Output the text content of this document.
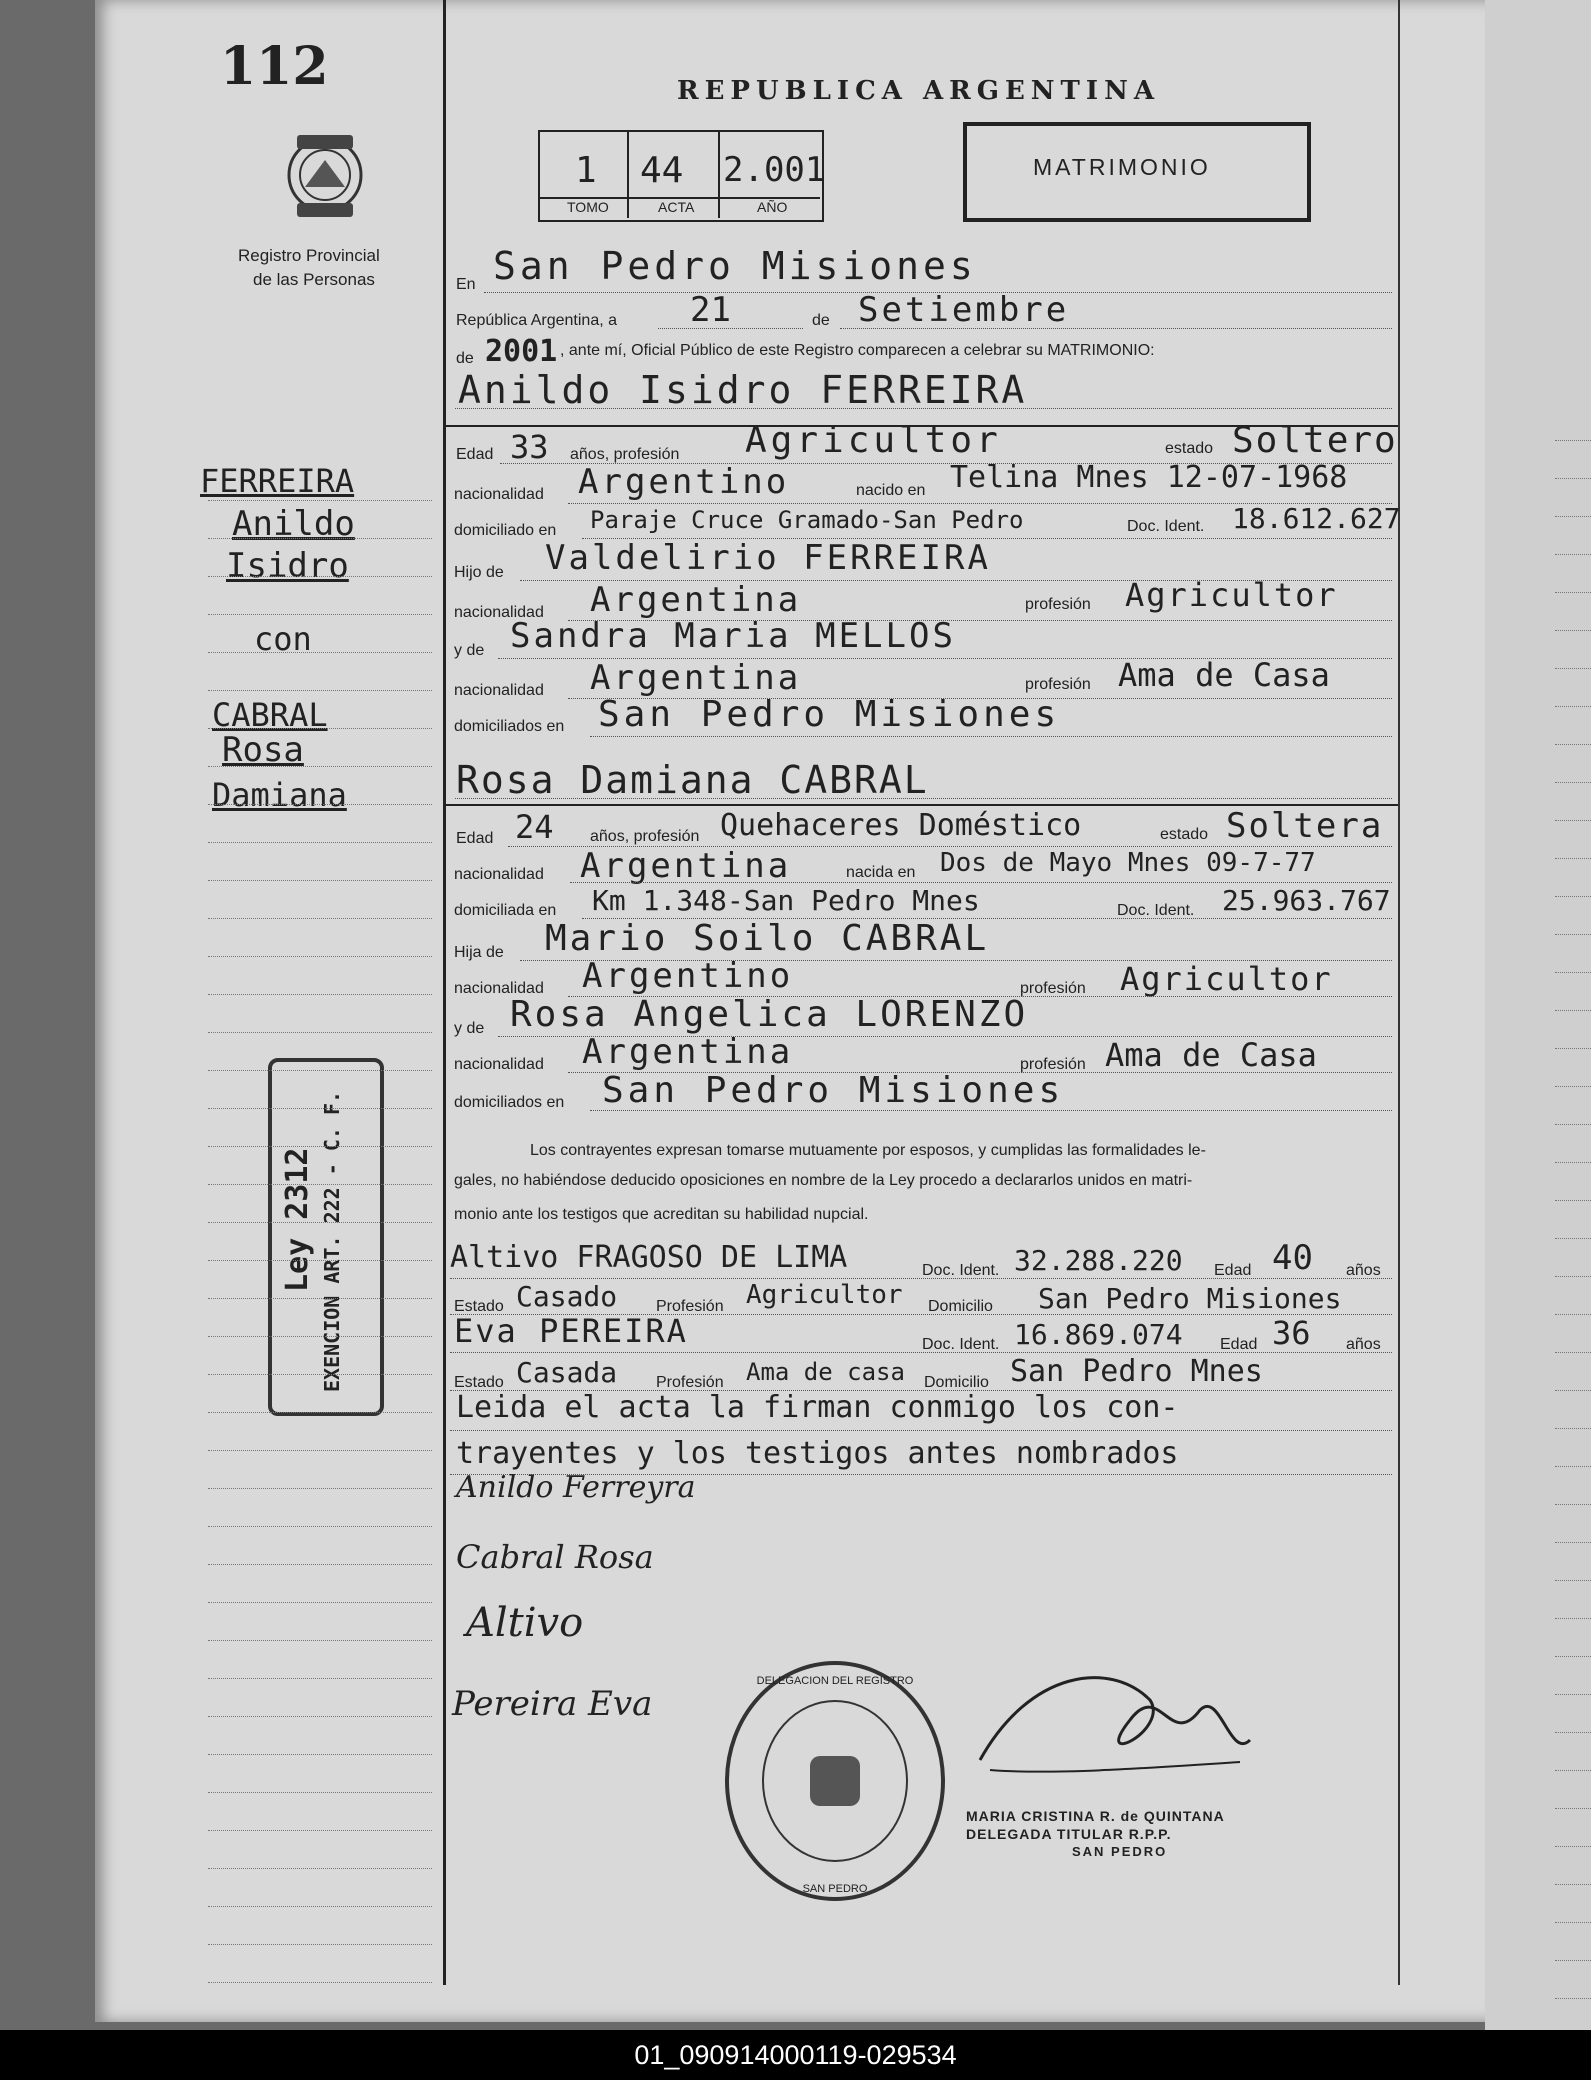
112
Registro Provincial
de las Personas
REPUBLICA ARGENTINA
1 44 2.001
TOMO	ACTA	AÑO
MATRIMONIO
En San Pedro Misiones
República Argentina, a 21	de Setiembre
de 2001 , ante mí, Oficial Público de este Registro comparecen a celebrar su MATRIMONIO:
Anildo Isidro FERREIRA
Edad 33 años, profesión Agricultor	estado Soltero
nacionalidad Argentino	nacido en Telina Mnes 12-07-1968
domiciliado en Paraje Cruce Gramado-San Pedro	Doc. Ident. 18.612.627
Hijo de Valdelirio FERREIRA
nacionalidad Argentina	profesión Agricultor
y de Sandra Maria MELLOS
nacionalidad Argentina	profesión Ama de Casa
domiciliados en San Pedro Misiones
Rosa Damiana CABRAL
Edad 24 años, profesión Quehaceres Doméstico	estado Soltera
nacionalidad Argentina	nacida en Dos de Mayo Mnes 09-7-77
domiciliada en Km 1.348-San Pedro Mnes	Doc. Ident. 25.963.767
Hija de Mario Soilo CABRAL
nacionalidad Argentino	profesión Agricultor
y de Rosa Angelica LORENZO
nacionalidad Argentina	profesión Ama de Casa
domiciliados en San Pedro Misiones
Los contrayentes expresan tomarse mutuamente por esposos, y cumplidas las formalidades le-
gales, no habiéndose deducido oposiciones en nombre de la Ley procedo a declararlos unidos en matri-
monio ante los testigos que acreditan su habilidad nupcial.
Altivo FRAGOSO DE LIMA	Doc. Ident. 32.288.220 Edad 40 años
Estado Casado Profesión Agricultor Domicilio San Pedro Misiones
Eva PEREIRA	Doc. Ident. 16.869.074 Edad 36 años
Estado Casada Profesión Ama de casa Domicilio San Pedro Mnes
Leida el acta la firman conmigo los con-
trayentes y los testigos antes nombrados
Anildo Ferreyra
Cabral Rosa
Altivo
Pereira Eva
DELEGACION DEL REGISTRO
SAN PEDRO
MARIA CRISTINA R. de QUINTANA
DELEGADA TITULAR R.P.P.
SAN PEDRO
FERREIRA
Anildo
Isidro
con
CABRAL
Rosa
Damiana
Ley 2312 EXENCION ART. 222 - C. F.
01_090914000119-029534
